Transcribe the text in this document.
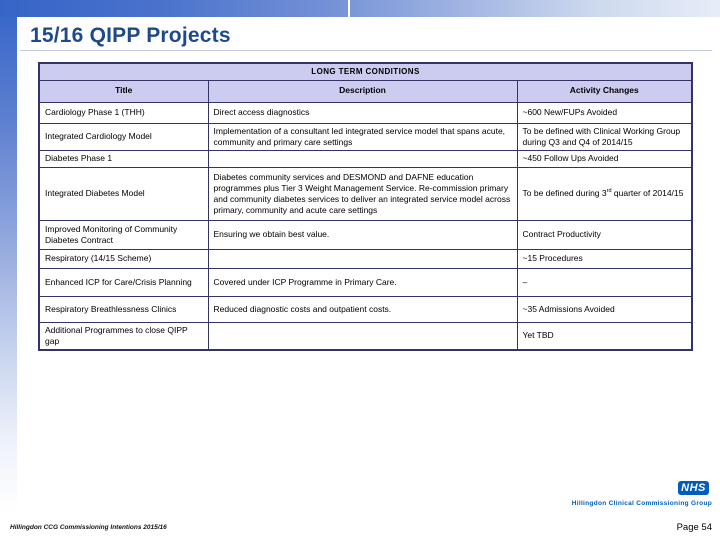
15/16 QIPP Projects
LONG TERM CONDITIONS		
Title	Description	Activity Changes
Cardiology Phase 1 (THH)	Direct access diagnostics	~600 New/FUPs Avoided
Integrated Cardiology Model	Implementation of a consultant led integrated service model that spans acute, community and primary care settings	To be defined with Clinical Working Group during Q3 and Q4 of 2014/15
Diabetes Phase 1		~450 Follow Ups Avoided
Integrated Diabetes Model	Diabetes community services and DESMOND and DAFNE education programmes plus Tier 3 Weight Management Service. Re-commission primary and community diabetes services to deliver an integrated service model across primary, community and acute care settings	To be defined during 3rd quarter of 2014/15
Improved Monitoring of Community Diabetes Contract	Ensuring we obtain best value.	Contract Productivity
Respiratory (14/15 Scheme)		~15 Procedures
Enhanced ICP for Care/Crisis Planning	Covered under ICP Programme in Primary Care.	–
Respiratory Breathlessness Clinics	Reduced diagnostic costs and outpatient costs.	~35 Admissions Avoided
Additional Programmes to close QIPP gap		Yet TBD
Hillingdon CCG Commissioning Intentions 2015/16
NHS
Hillingdon Clinical Commissioning Group
Page 54
